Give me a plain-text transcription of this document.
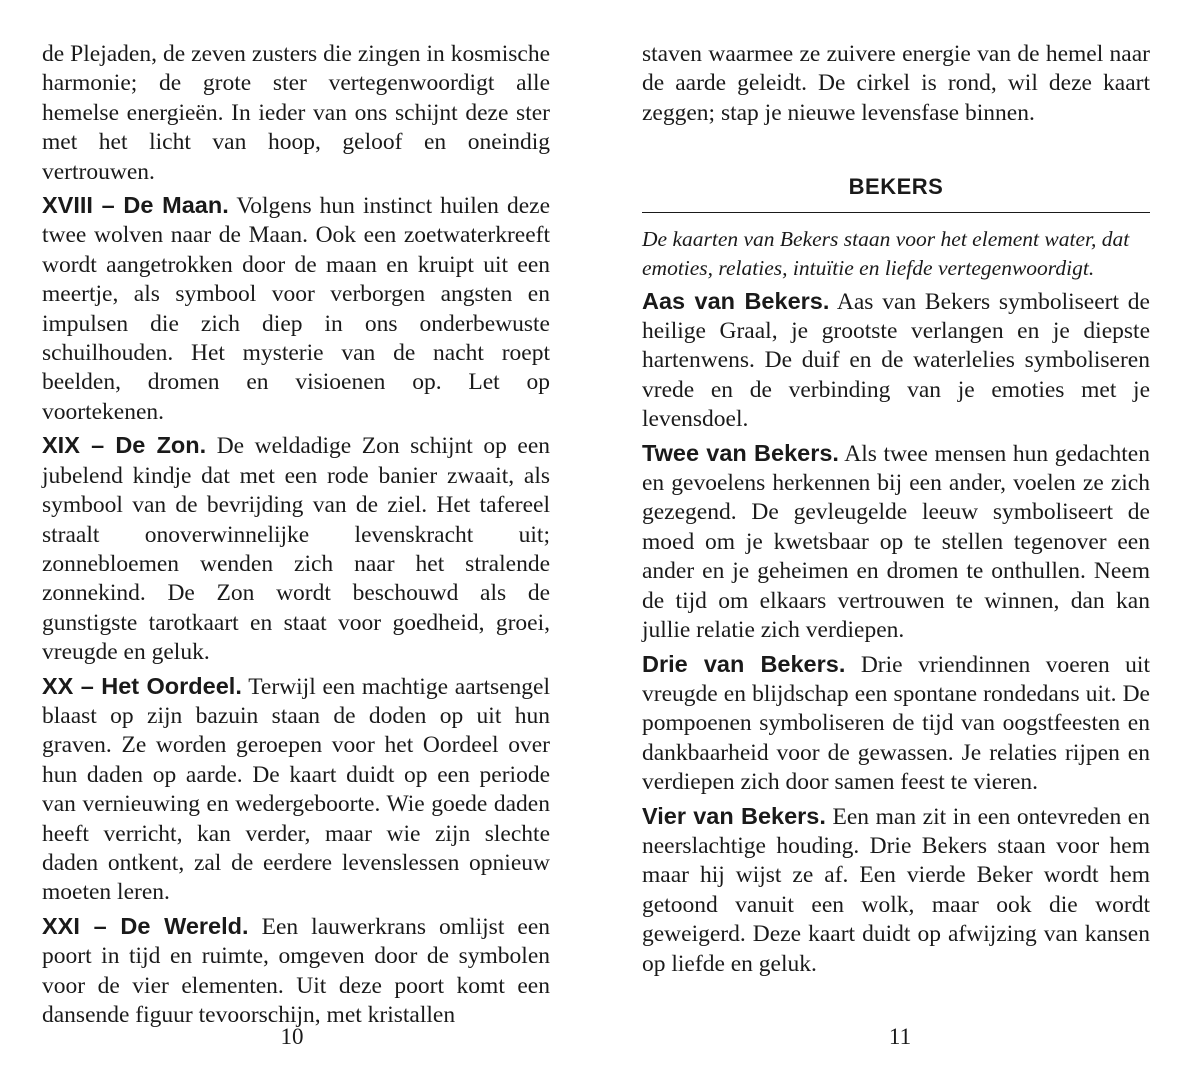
de Plejaden, de zeven zusters die zingen in kosmische harmonie; de grote ster vertegenwoordigt alle hemelse energieën. In ieder van ons schijnt deze ster met het licht van hoop, geloof en oneindig vertrouwen.

XVIII – De Maan. Volgens hun instinct huilen deze twee wolven naar de Maan. Ook een zoetwaterkreeft wordt aangetrokken door de maan en kruipt uit een meertje, als symbool voor verborgen angsten en impulsen die zich diep in ons onderbewuste schuilhouden. Het mysterie van de nacht roept beelden, dromen en visioenen op. Let op voortekenen.

XIX – De Zon. De weldadige Zon schijnt op een jubelend kindje dat met een rode banier zwaait, als symbool van de bevrijding van de ziel. Het tafereel straalt onoverwinnelijke levenskracht uit; zonnebloemen wenden zich naar het stralende zonnekind. De Zon wordt beschouwd als de gunstigste tarotkaart en staat voor goedheid, groei, vreugde en geluk.

XX – Het Oordeel. Terwijl een machtige aartsengel blaast op zijn bazuin staan de doden op uit hun graven. Ze worden geroepen voor het Oordeel over hun daden op aarde. De kaart duidt op een periode van vernieuwing en wedergeboorte. Wie goede daden heeft verricht, kan verder, maar wie zijn slechte daden ontkent, zal de eerdere levenslessen opnieuw moeten leren.

XXI – De Wereld. Een lauwerkrans omlijst een poort in tijd en ruimte, omgeven door de symbolen voor de vier elementen. Uit deze poort komt een dansende figuur tevoorschijn, met kristallen

10

staven waarmee ze zuivere energie van de hemel naar de aarde geleidt. De cirkel is rond, wil deze kaart zeggen; stap je nieuwe levensfase binnen.

BEKERS

De kaarten van Bekers staan voor het element water, dat emoties, relaties, intuïtie en liefde vertegenwoordigt.

Aas van Bekers. Aas van Bekers symboliseert de heilige Graal, je grootste verlangen en je diepste hartenwens. De duif en de waterlelies symboliseren vrede en de verbinding van je emoties met je levensdoel.

Twee van Bekers. Als twee mensen hun gedachten en gevoelens herkennen bij een ander, voelen ze zich gezegend. De gevleugelde leeuw symboliseert de moed om je kwetsbaar op te stellen tegenover een ander en je geheimen en dromen te onthullen. Neem de tijd om elkaars vertrouwen te winnen, dan kan jullie relatie zich verdiepen.

Drie van Bekers. Drie vriendinnen voeren uit vreugde en blijdschap een spontane rondedans uit. De pompoenen symboliseren de tijd van oogstfeesten en dankbaarheid voor de gewassen. Je relaties rijpen en verdiepen zich door samen feest te vieren.

Vier van Bekers. Een man zit in een ontevreden en neerslachtige houding. Drie Bekers staan voor hem maar hij wijst ze af. Een vierde Beker wordt hem getoond vanuit een wolk, maar ook die wordt geweigerd. Deze kaart duidt op afwijzing van kansen op liefde en geluk.

11
